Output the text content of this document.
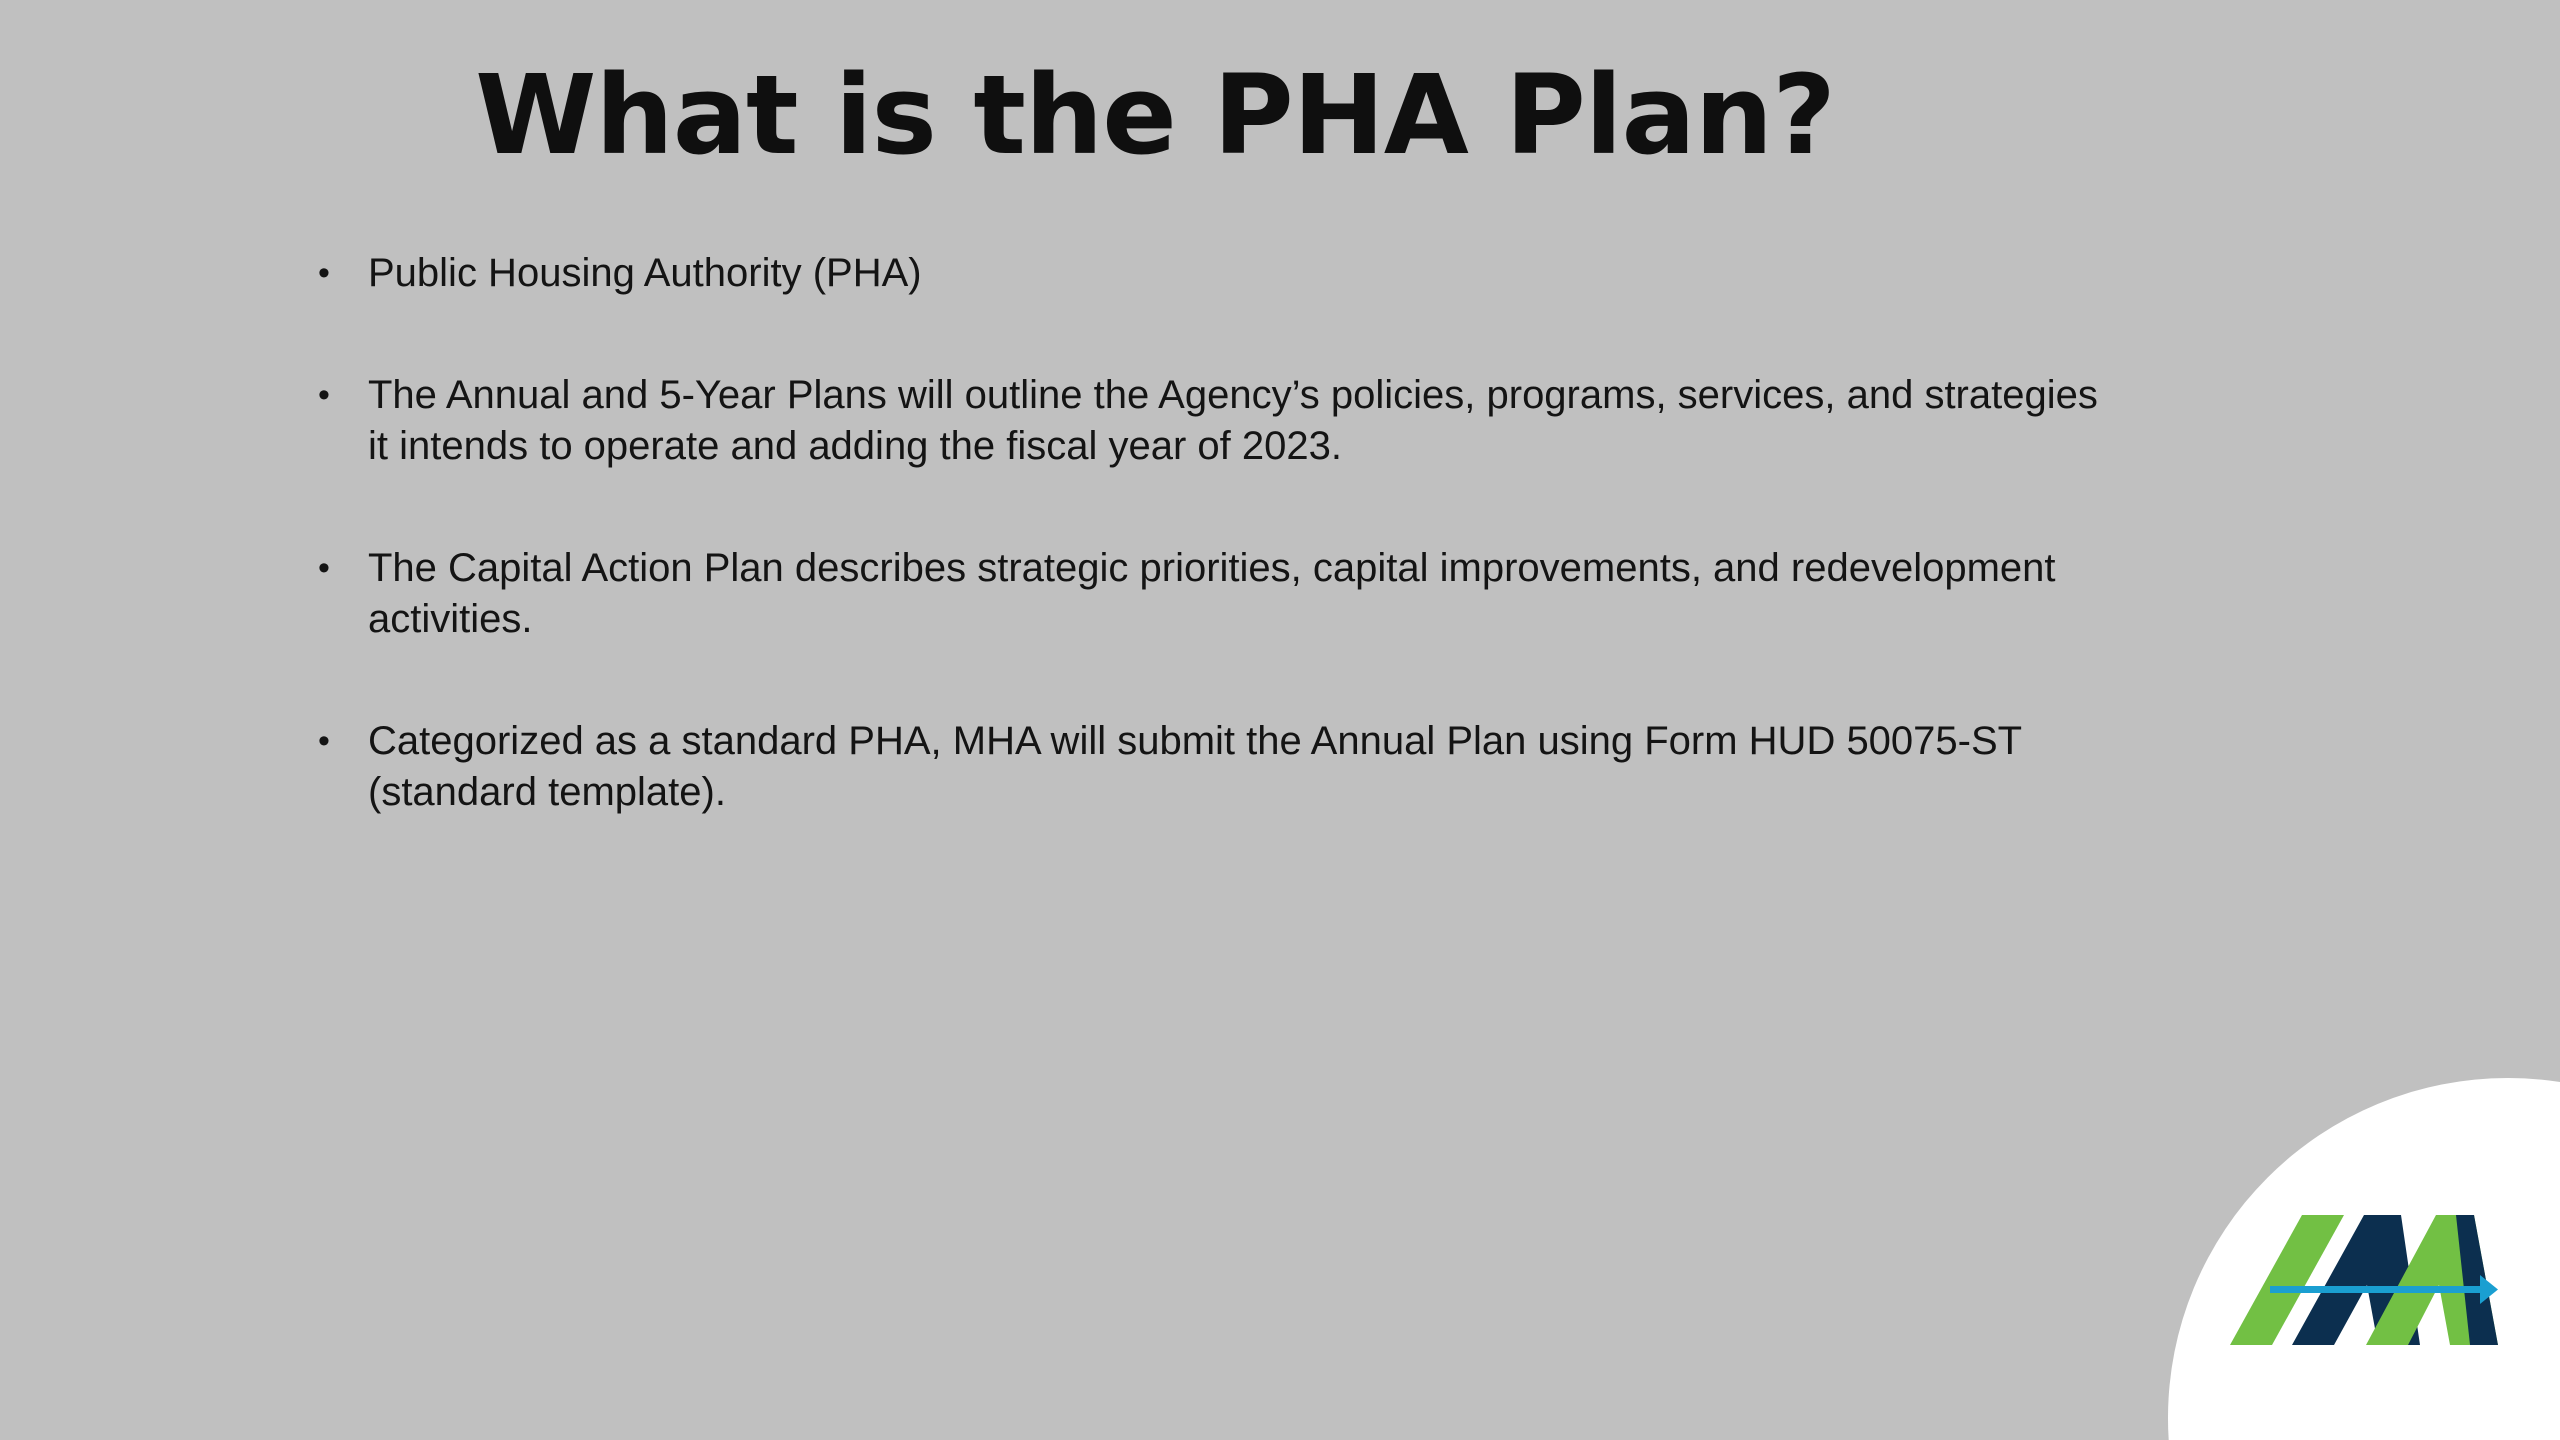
What is the PHA Plan?
• Public Housing Authority (PHA)
• The Annual and 5-Year Plans will outline the Agency’s policies, programs, services, and strategies it intends to operate and adding the fiscal year of 2023.
• The Capital Action Plan describes strategic priorities, capital improvements, and redevelopment activities.
• Categorized as a standard PHA, MHA will submit the Annual Plan using Form HUD 50075-ST (standard template).
